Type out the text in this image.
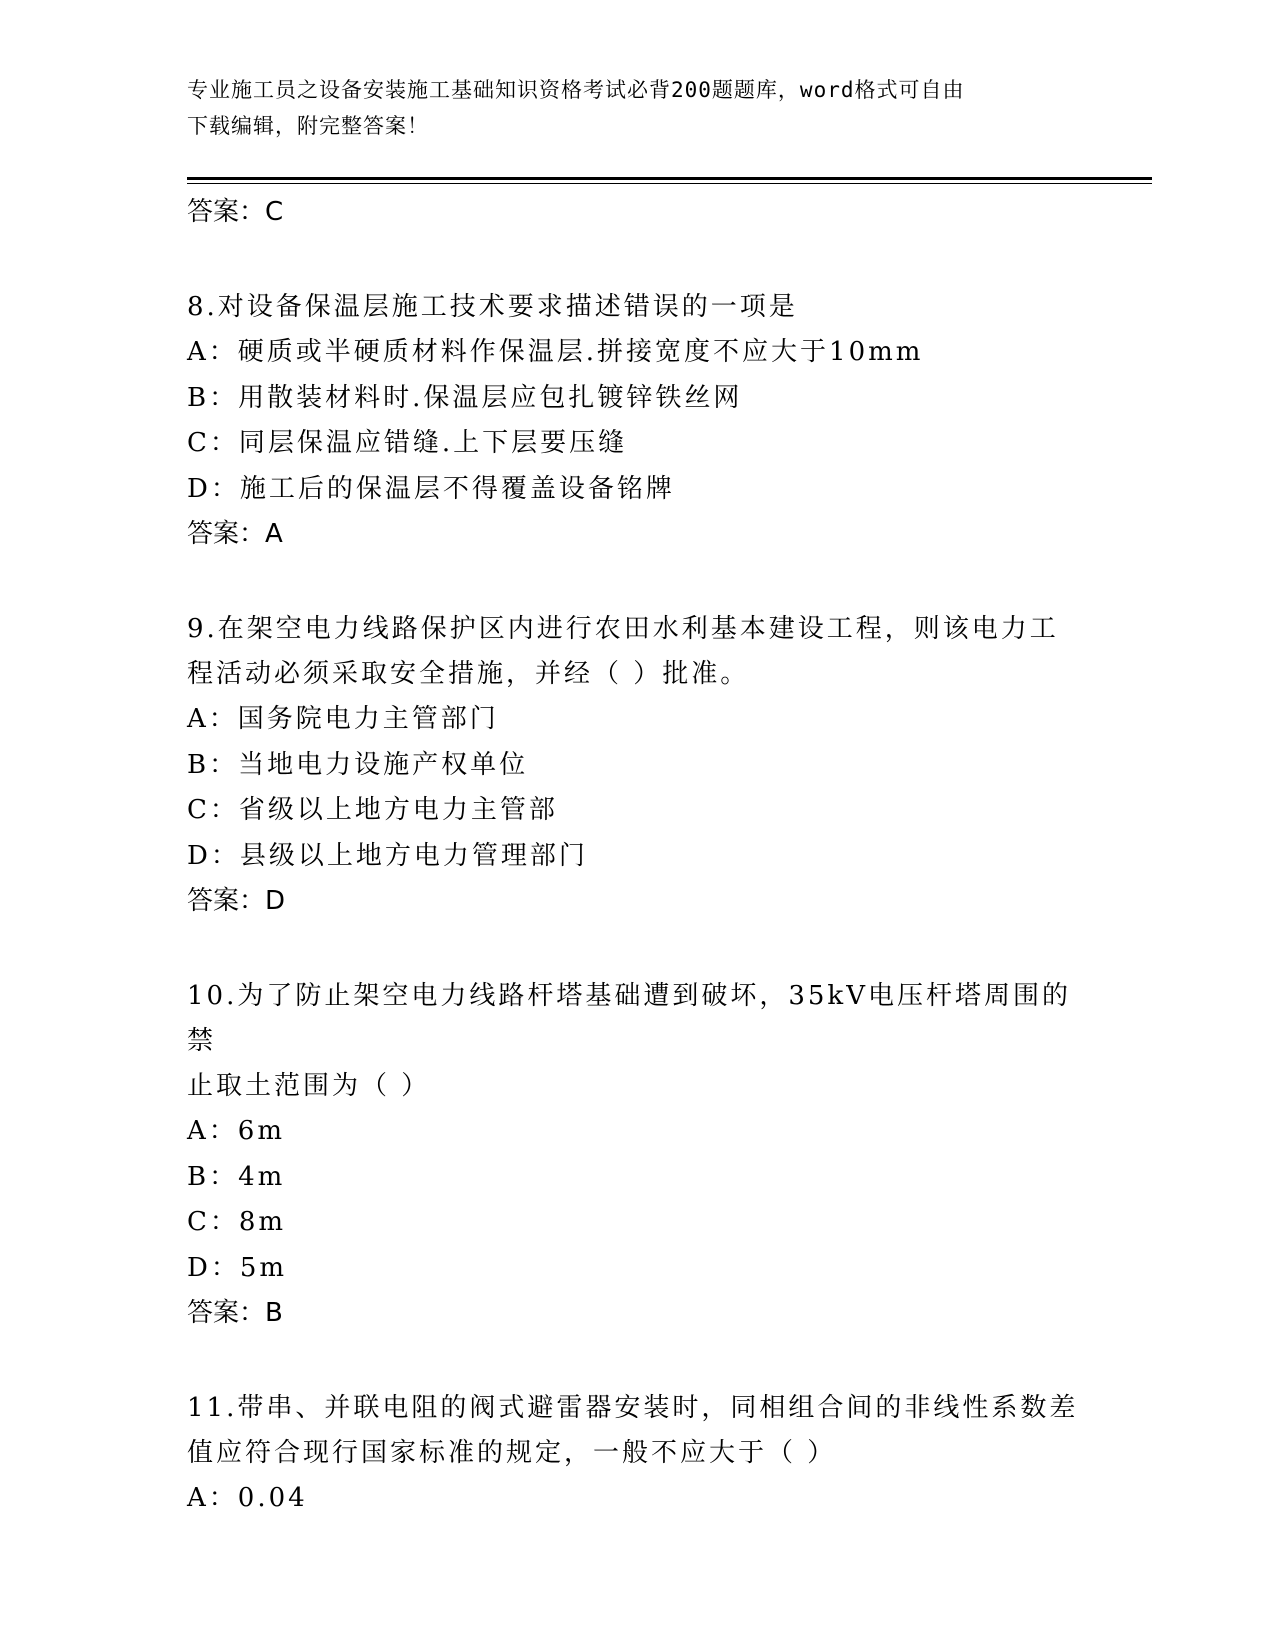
专业施工员之设备安装施工基础知识资格考试必背200题题库，word格式可自由
下载编辑，附完整答案！
答案：C
8.对设备保温层施工技术要求描述错误的一项是
A：硬质或半硬质材料作保温层.拼接宽度不应大于10mm
B：用散装材料时.保温层应包扎镀锌铁丝网
C：同层保温应错缝.上下层要压缝
D：施工后的保温层不得覆盖设备铭牌
答案：A
9.在架空电力线路保护区内进行农田水利基本建设工程，则该电力工
程活动必须采取安全措施，并经（ ）批准。
A：国务院电力主管部门
B：当地电力设施产权单位
C：省级以上地方电力主管部
D：县级以上地方电力管理部门
答案：D
10.为了防止架空电力线路杆塔基础遭到破坏，35kV电压杆塔周围的禁
止取土范围为（ ）
A：6m
B：4m
C：8m
D：5m
答案：B
11.带串、并联电阻的阀式避雷器安装时，同相组合间的非线性系数差
值应符合现行国家标准的规定，一般不应大于（ ）
A：0.04
